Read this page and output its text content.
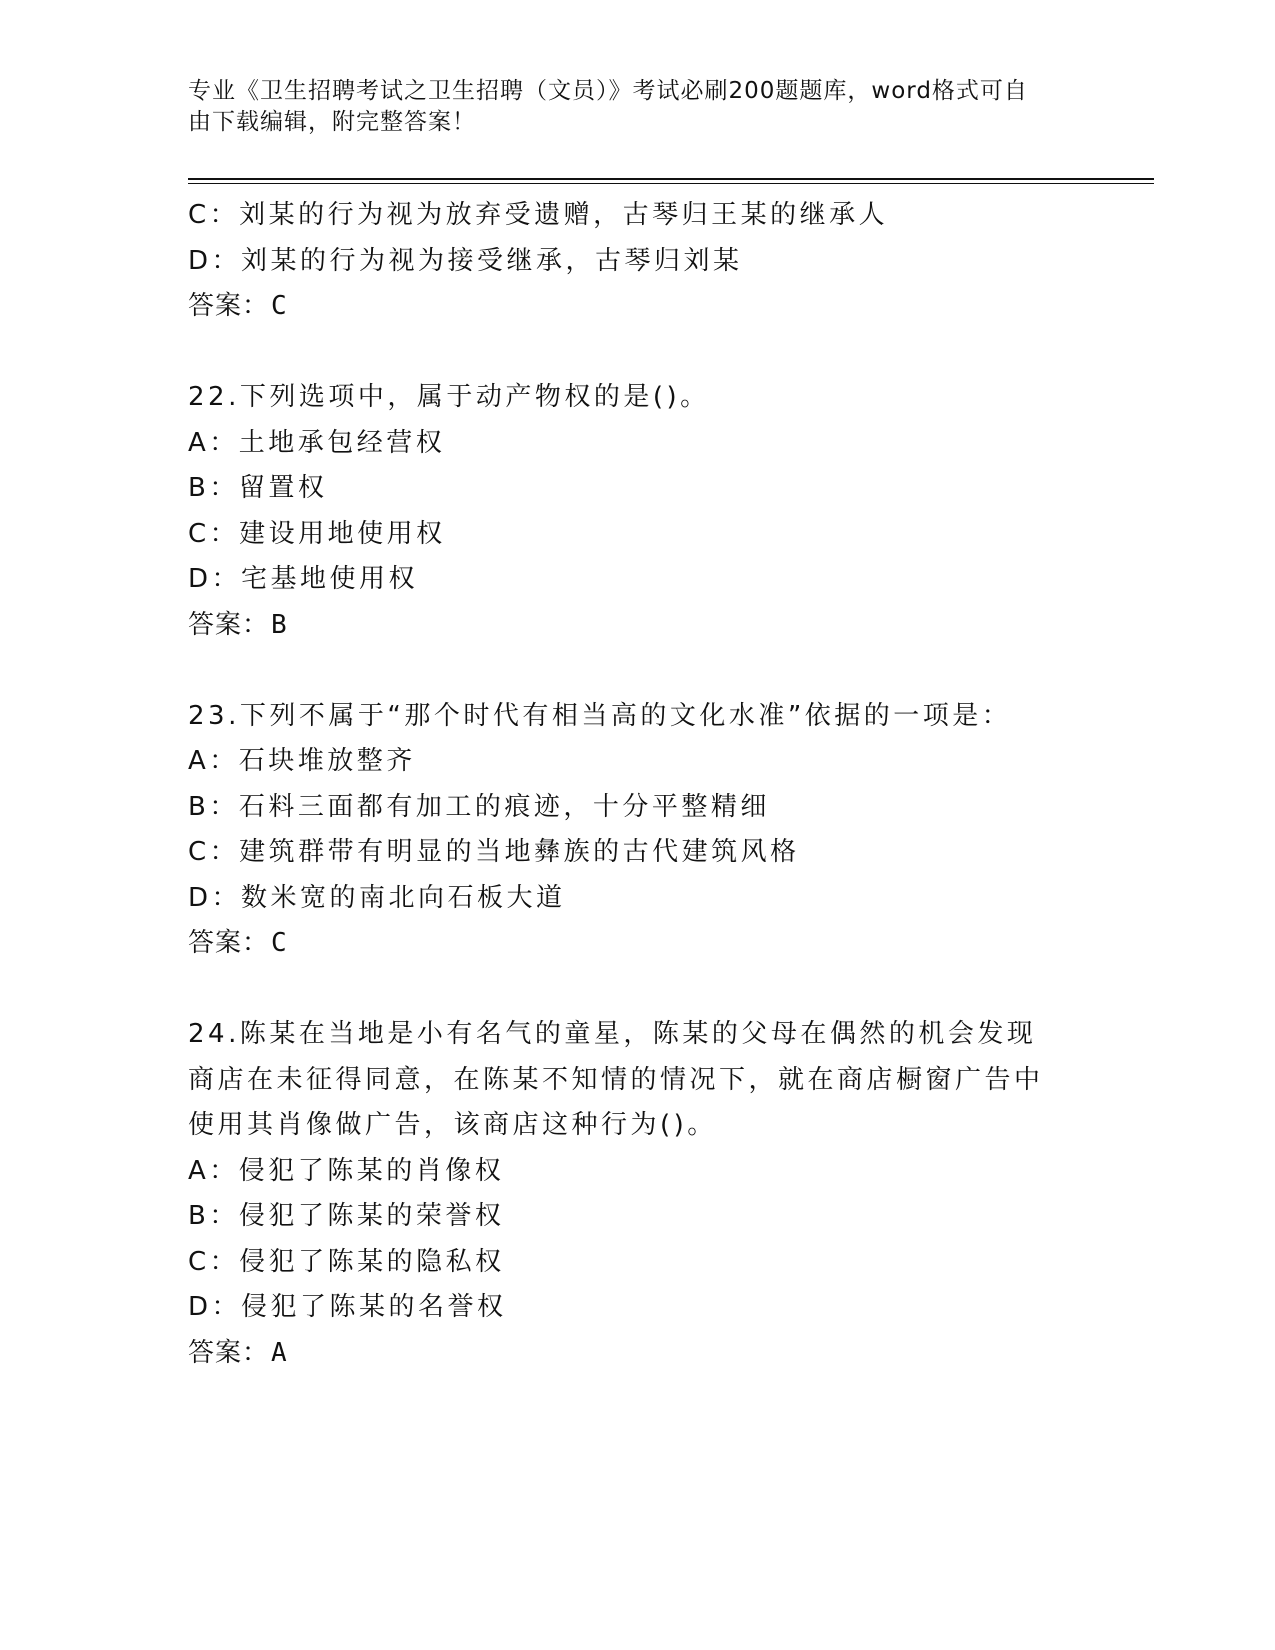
专业《卫生招聘考试之卫生招聘（文员）》考试必刷200题题库，word格式可自
由下载编辑，附完整答案！
C：刘某的行为视为放弃受遗赠，古琴归王某的继承人
D：刘某的行为视为接受继承，古琴归刘某
答案：C
22.下列选项中，属于动产物权的是()。
A：土地承包经营权
B：留置权
C：建设用地使用权
D：宅基地使用权
答案：B
23.下列不属于“那个时代有相当高的文化水准”依据的一项是：
A：石块堆放整齐
B：石料三面都有加工的痕迹，十分平整精细
C：建筑群带有明显的当地彝族的古代建筑风格
D：数米宽的南北向石板大道
答案：C
24.陈某在当地是小有名气的童星，陈某的父母在偶然的机会发现商店在未征得同意，在陈某不知情的情况下，就在商店橱窗广告中使用其肖像做广告，该商店这种行为()。
A：侵犯了陈某的肖像权
B：侵犯了陈某的荣誉权
C：侵犯了陈某的隐私权
D：侵犯了陈某的名誉权
答案：A
